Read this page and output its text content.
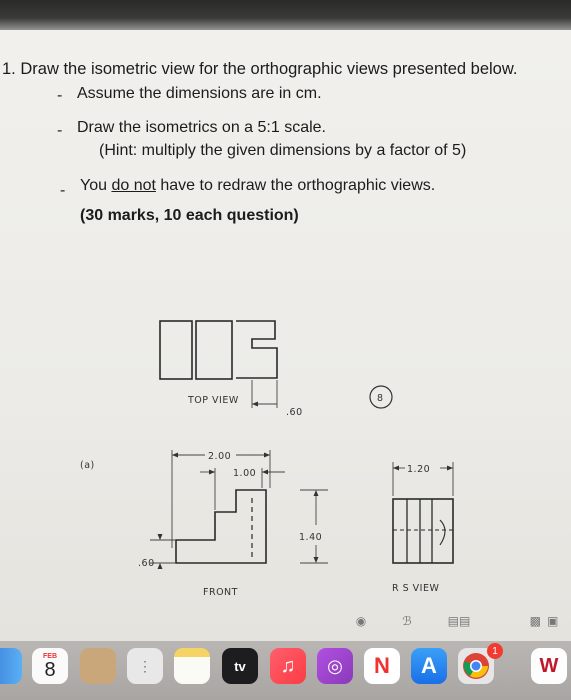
1. Draw the isometric view for the orthographic views presented below.
- Assume the dimensions are in cm.
- Draw the isometrics on a 5:1 scale.
(Hint: multiply the given dimensions by a factor of 5)
- You do not have to redraw the orthographic views.
(30 marks, 10 each question)
TOP VIEW
.60
8
(a)
2.00
1.00
1.40
.60
1.20
FRONT	R S VIEW
◉	ℬ	▤▤	▩ ▣
FEB
8	⋮	tv	♫	◎	N	A
1
W
